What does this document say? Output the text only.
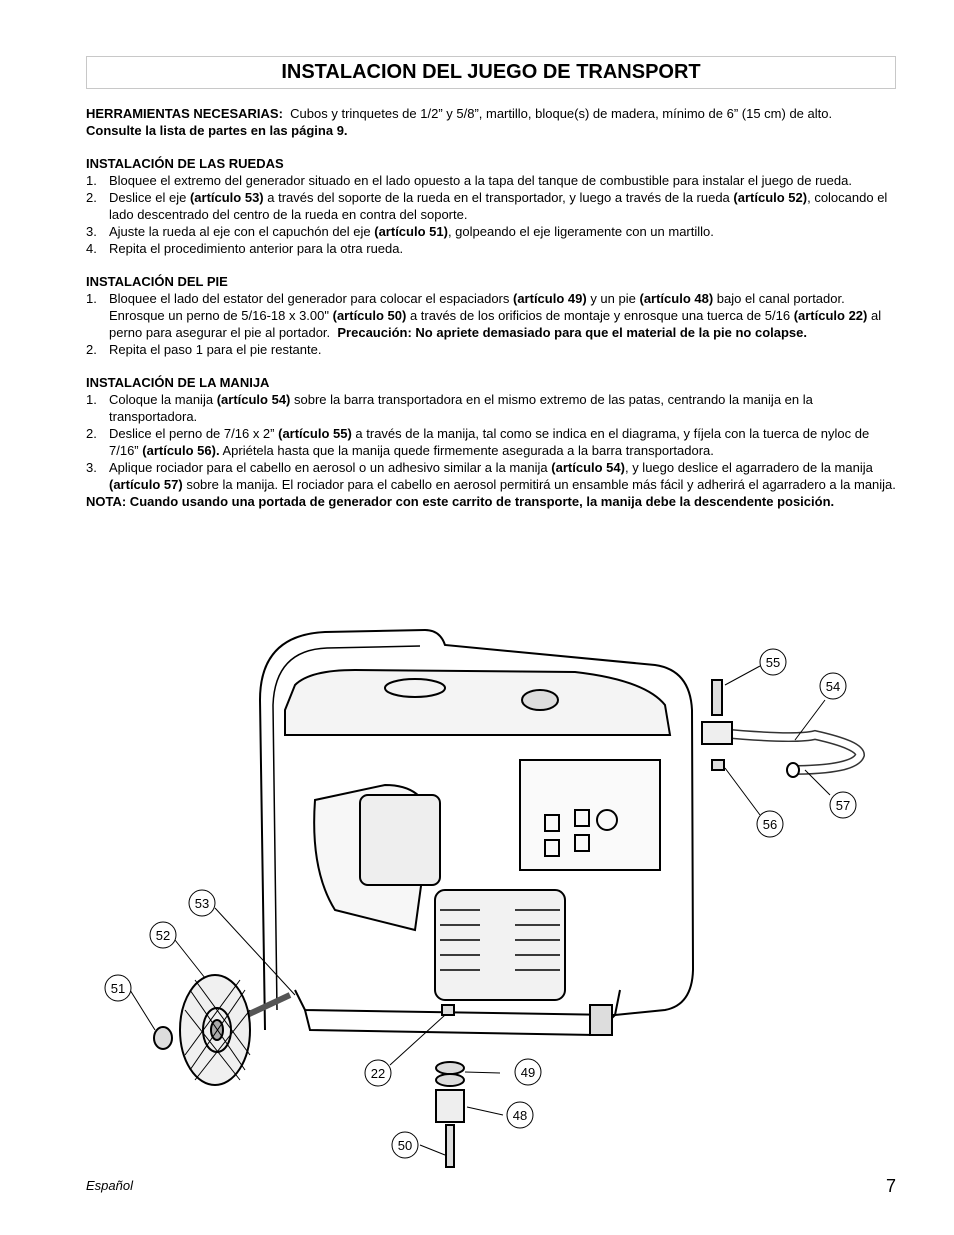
INSTALACION DEL JUEGO DE TRANSPORT

HERRAMIENTAS NECESARIAS: Cubos y trinquetes de 1/2” y 5/8”, martillo, bloque(s) de madera, mínimo de 6” (15 cm) de alto.
Consulte la lista de partes en las página 9.

INSTALACIÓN DE LAS RUEDAS

1. Bloquee el extremo del generador situado en el lado opuesto a la tapa del tanque de combustible para instalar el juego de rueda.
2. Deslice el eje (artículo 53) a través del soporte de la rueda en el transportador, y luego a través de la rueda (artículo 52), colocando el lado descentrado del centro de la rueda en contra del soporte.
3. Ajuste la rueda al eje con el capuchón del eje (artículo 51), golpeando el eje ligeramente con un martillo.
4. Repita el procedimiento anterior para la otra rueda.

INSTALACIÓN DEL PIE

1. Bloquee el lado del estator del generador para colocar el espaciadors (artículo 49) y un pie (artículo 48) bajo el canal portador. Enrosque un perno de 5/16-18 x 3.00" (artículo 50) a través de los orificios de montaje y enrosque una tuerca de 5/16 (artículo 22) al perno para asegurar el pie al portador. Precaución: No apriete demasiado para que el material de la pie no colapse.
2. Repita el paso 1 para el pie restante.

INSTALACIÓN DE LA MANIJA

1. Coloque la manija (artículo 54) sobre la barra transportadora en el mismo extremo de las patas, centrando la manija en la transportadora.
2. Deslice el perno de 7/16 x 2” (artículo 55) a través de la manija, tal como se indica en el diagrama, y fíjela con la tuerca de nyloc de 7/16” (artículo 56). Apriétela hasta que la manija quede firmemente asegurada a la barra transportadora.
3. Aplique rociador para el cabello en aerosol o un adhesivo similar a la manija (artículo 54), y luego deslice el agarradero de la manija (artículo 57) sobre la manija. El rociador para el cabello en aerosol permitirá un ensamble más fácil y adherirá el agarradero a la manija.

NOTA: Cuando usando una portada de generador con este carrito de transporte, la manija debe la descendente posición.

55
54
57
56
53
52
51
22	49
48
50
Español	7
